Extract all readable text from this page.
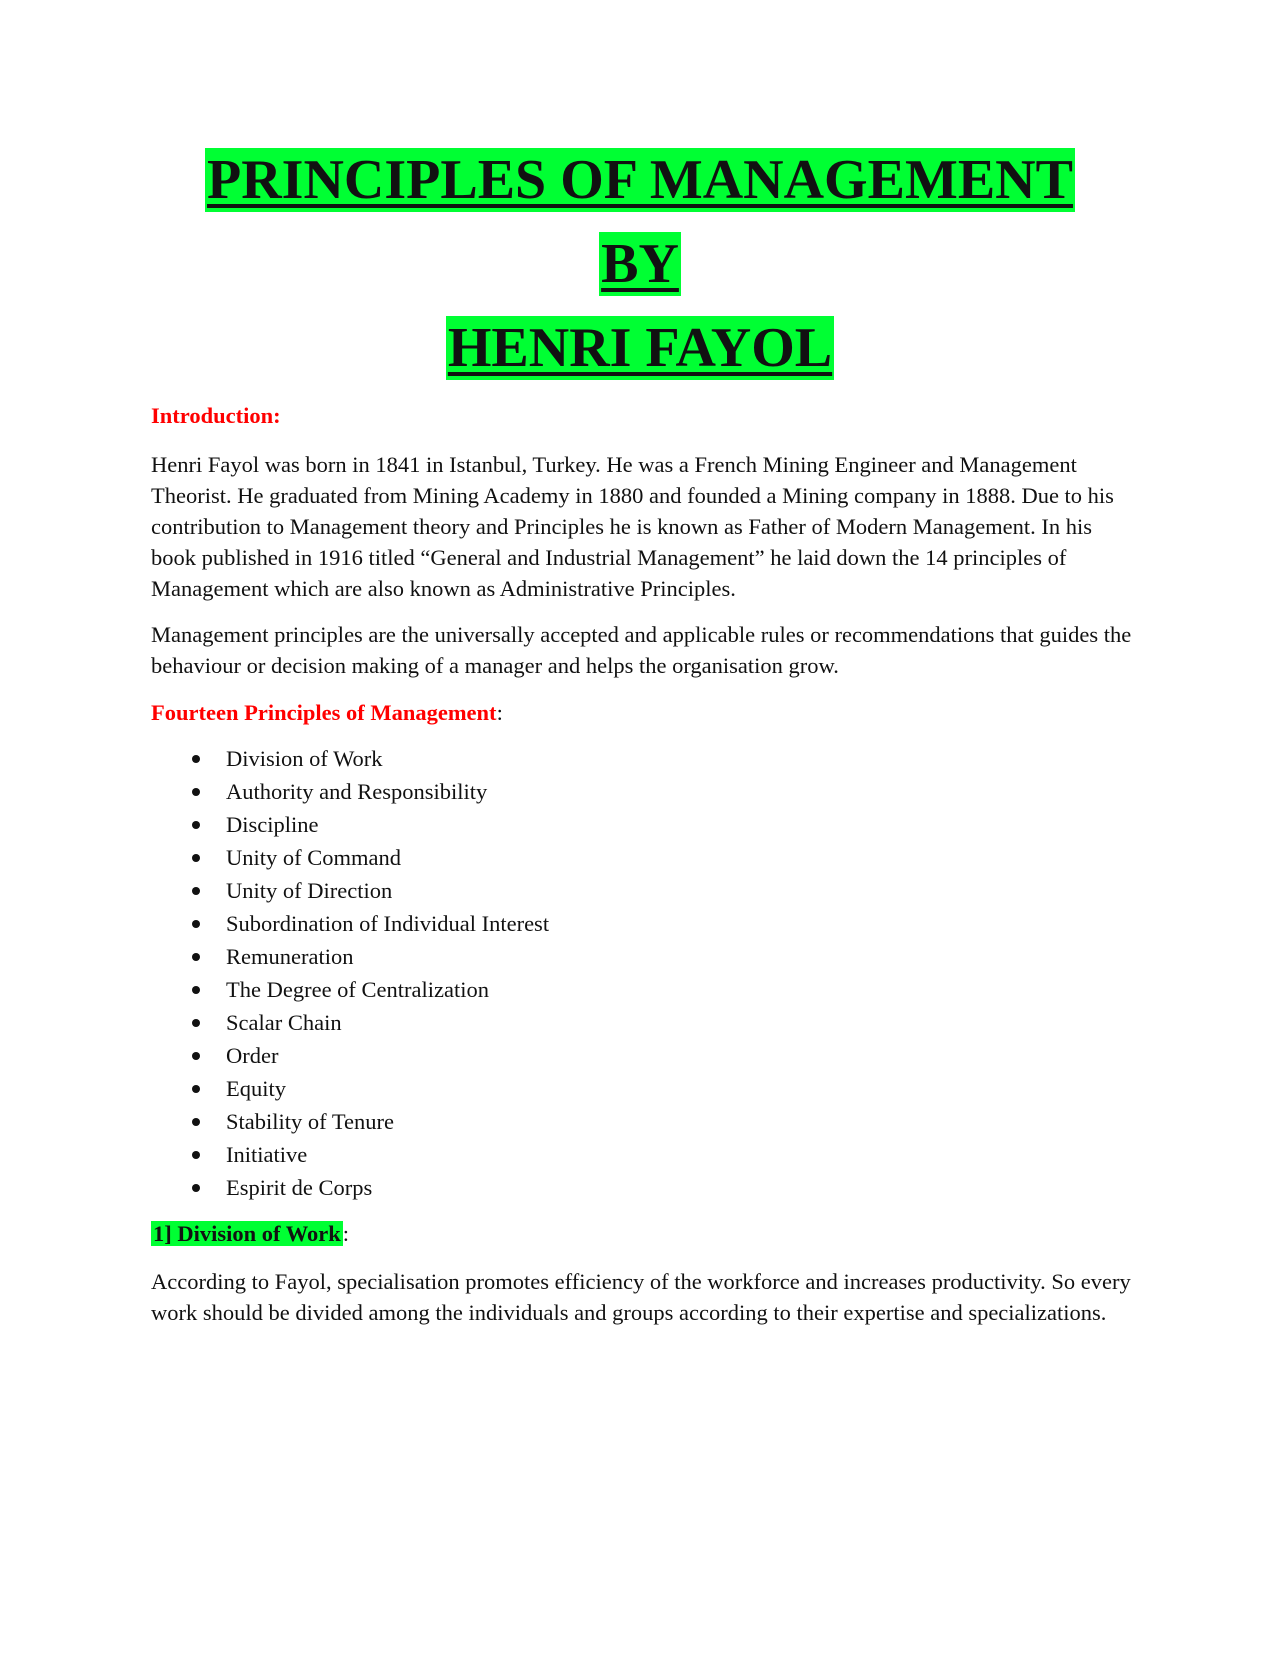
PRINCIPLES OF MANAGEMENT
BY
HENRI FAYOL

Introduction:

Henri Fayol was born in 1841 in Istanbul, Turkey. He was a French Mining Engineer and Management Theorist. He graduated from Mining Academy in 1880 and founded a Mining company in 1888. Due to his contribution to Management theory and Principles he is known as Father of Modern Management. In his book published in 1916 titled “General and Industrial Management” he laid down the 14 principles of Management which are also known as Administrative Principles.

Management principles are the universally accepted and applicable rules or recommendations that guides the behaviour or decision making of a manager and helps the organisation grow.

Fourteen Principles of Management:

Division of Work
Authority and Responsibility
Discipline
Unity of Command
Unity of Direction
Subordination of Individual Interest
Remuneration
The Degree of Centralization
Scalar Chain
Order
Equity
Stability of Tenure
Initiative
Espirit de Corps

1] Division of Work:

According to Fayol, specialisation promotes efficiency of the workforce and increases productivity. So every work should be divided among the individuals and groups according to their expertise and specializations.
